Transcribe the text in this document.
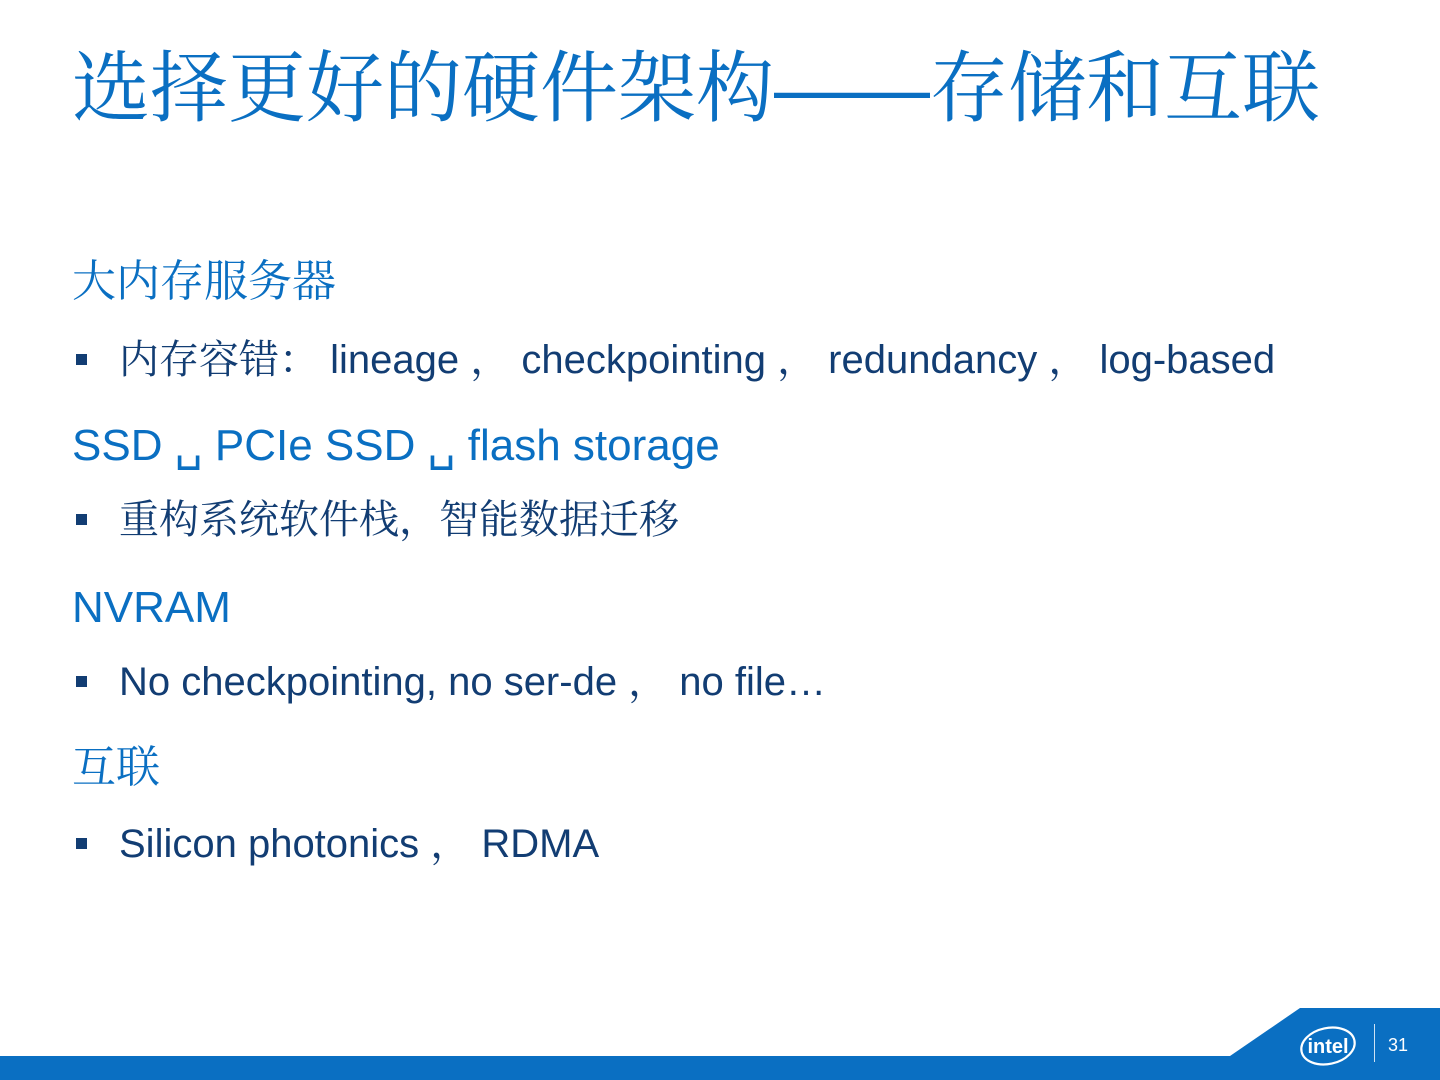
选择更好的硬件架构——存储和互联
大内存服务器
内存容错： lineage ， checkpointing ， redundancy ， log-based
SSD ␣ PCIe SSD ␣ flash storage
重构系统软件栈，智能数据迁移
NVRAM
No checkpointing, no ser-de ， no file…
互联
Silicon photonics ， RDMA
intel 31
